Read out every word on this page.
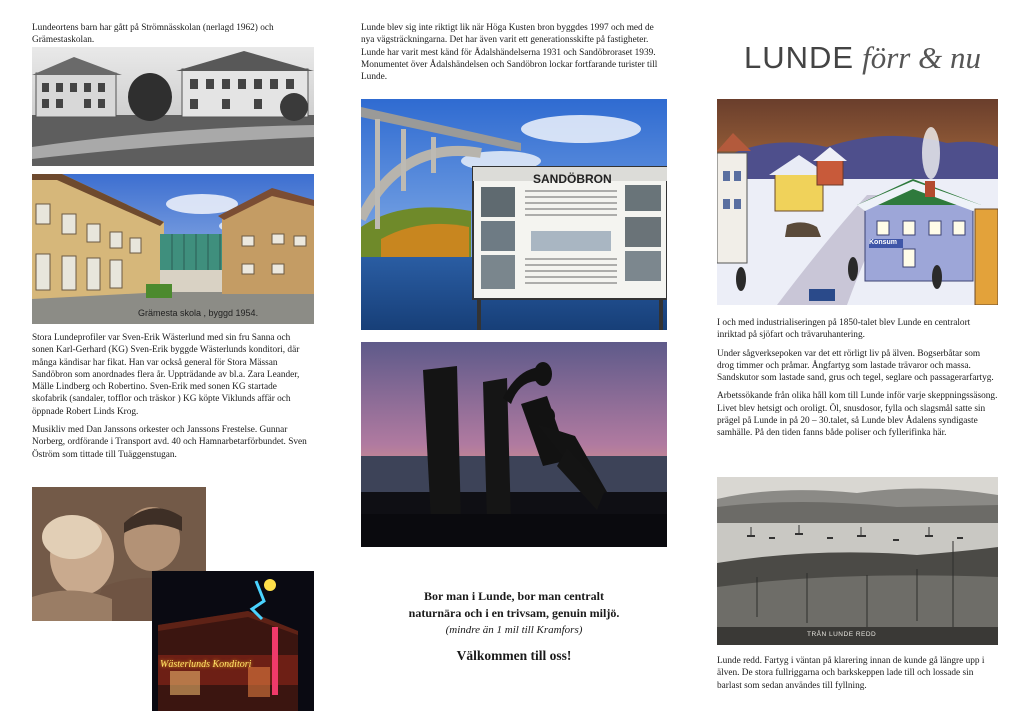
LUNDE förr & nu
Lundeortens barn har gått på Strömnässkolan (nerlagd 1962) och Grämestaskolan.
Grämesta skola , byggd 1954.

Stora Lundeprofiler var Sven-Erik Wästerlund med sin fru Sanna och sonen Karl-Gerhard (KG) Sven-Erik byggde Wästerlunds konditori, där många kändisar har fikat. Han var också general för Stora Mässan Sandöbron som anordnades flera år. Uppträdande av bl.a. Zara Leander, Mälle Lindberg och Robertino. Sven-Erik med sonen KG startade skofabrik (sandaler, tofflor och träskor ) KG köpte Viklunds affär och öppnade Robert Linds Krog.

Musikliv med Dan Janssons orkester och Janssons Frestelse. Gunnar Norberg, ordförande i Transport avd. 40 och Hamnarbetarförbundet. Sven Öström som tittade till Tuäggenstugan.

Wästerlunds Konditori
Lunde blev sig inte riktigt lik när Höga Kusten bron byggdes 1997 och med de nya vägsträckningarna. Det har även varit ett generationsskifte på fastigheter. Lunde har varit mest känd för Ådalshändelserna 1931 och Sandöbroraset 1939. Monumentet över Ådalshändelsen och Sandöbron lockar fortfarande turister till Lunde.
SANDÖBRON
Bor man i Lunde, bor man centralt
naturnära och i en trivsam, genuin miljö.
(mindre än 1 mil till Kramfors)
Välkommen till oss!
Konsum

I och med industrialiseringen på 1850-talet blev Lunde en centralort inriktad på sjöfart och trävaruhantering.

Under sågverksepoken var det ett rörligt liv på älven. Bogserbåtar som drog timmer och pråmar. Ångfartyg som lastade trävaror och massa. Sandskutor som lastade sand, grus och tegel, seglare och passagerarfartyg.

Arbetssökande från olika håll kom till Lunde inför varje skeppningssäsong. Livet blev hetsigt och oroligt. Öl, snusdosor, fylla och slagsmål satte sin prägel på Lunde in på 20 – 30.talet, så Lunde blev Ådalens syndigaste samhälle. På den tiden fanns både poliser och fyllerifinka här.

TRÅN LUNDE REDD
Lunde redd. Fartyg i väntan på klarering innan de kunde gå längre upp i älven. De stora fullriggarna och barkskeppen lade till och lossade sin barlast som sedan användes till fyllning.
